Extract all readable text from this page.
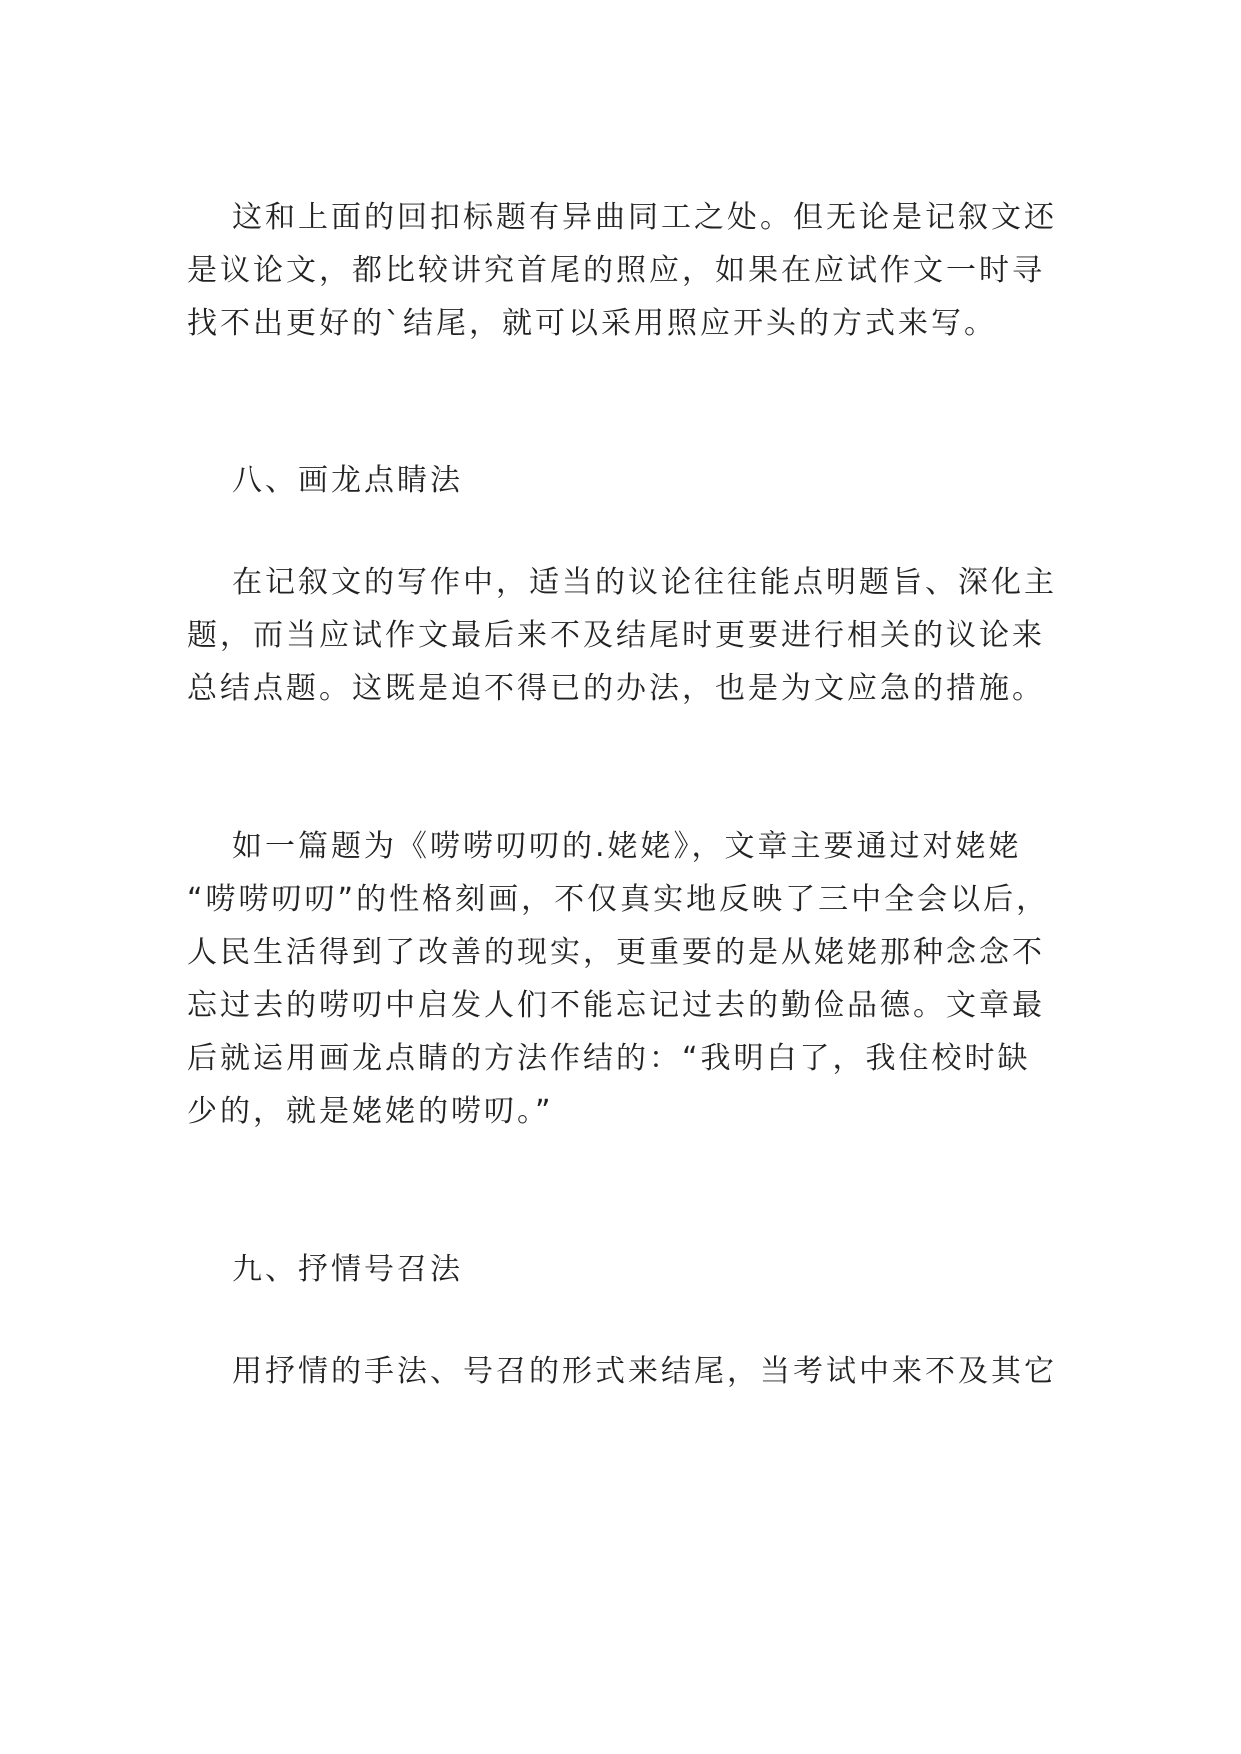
这和上面的回扣标题有异曲同工之处。但无论是记叙文还

是议论文，都比较讲究首尾的照应，如果在应试作文一时寻

找不出更好的`结尾，就可以采用照应开头的方式来写。

八、画龙点睛法

在记叙文的写作中，适当的议论往往能点明题旨、深化主

题，而当应试作文最后来不及结尾时更要进行相关的议论来

总结点题。这既是迫不得已的办法，也是为文应急的措施。

如一篇题为《唠唠叨叨的.姥姥》，文章主要通过对姥姥

“唠唠叨叨”的性格刻画，不仅真实地反映了三中全会以后，

人民生活得到了改善的现实，更重要的是从姥姥那种念念不

忘过去的唠叨中启发人们不能忘记过去的勤俭品德。文章最

后就运用画龙点睛的方法作结的：“我明白了，我住校时缺

少的，就是姥姥的唠叨。”

九、抒情号召法

用抒情的手法、号召的形式来结尾，当考试中来不及其它
